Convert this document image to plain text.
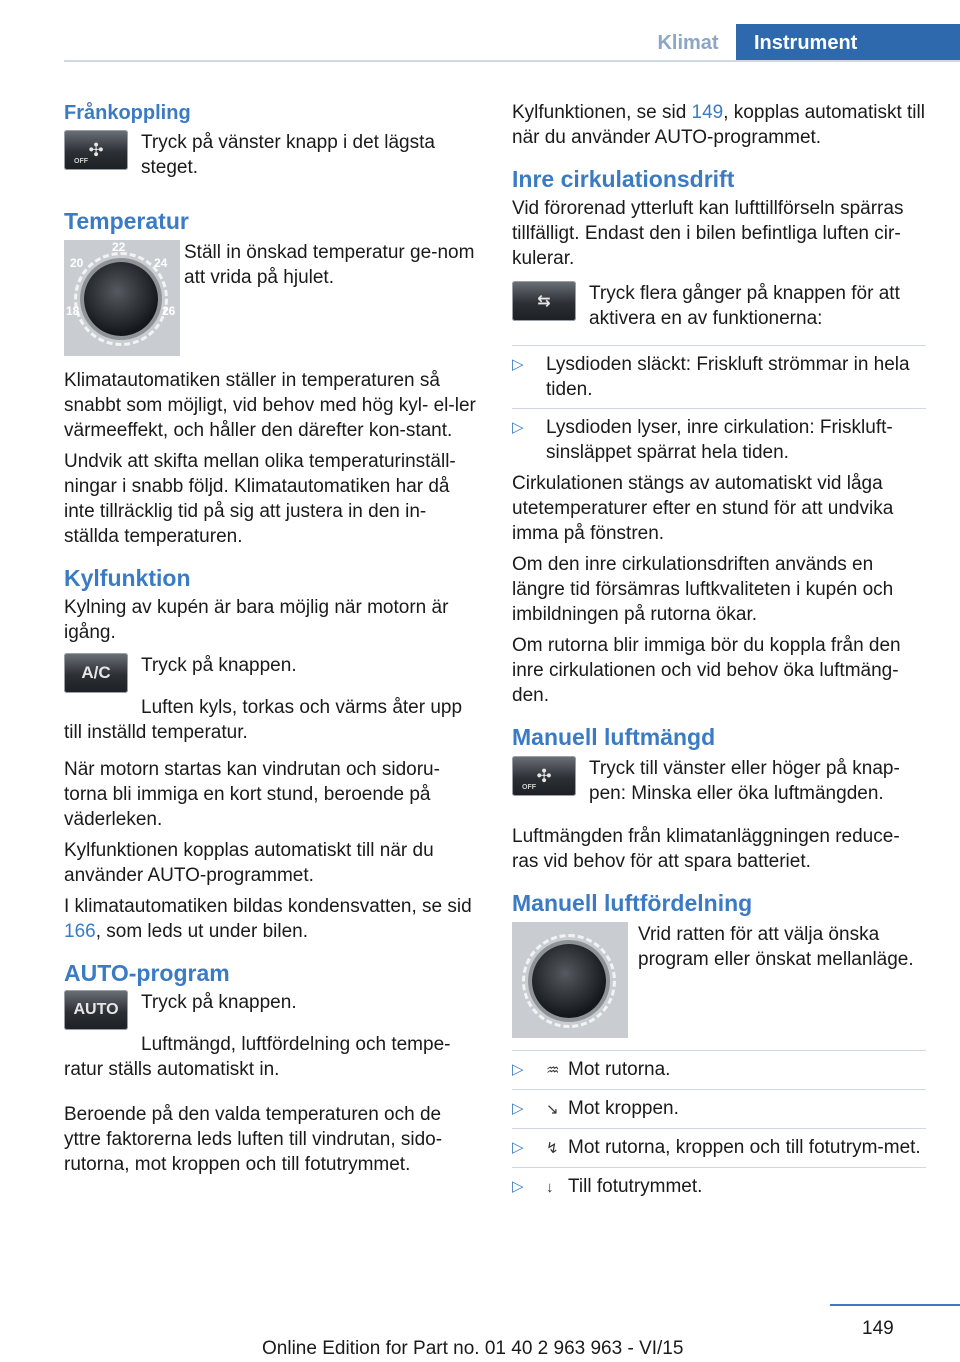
Klimat	Instrument
Frånkoppling
✣
OFF

Tryck på vänster knapp i det lägsta steget.

Temperatur
22
20	24
18	26

Ställ in önskad temperatur ge-nom att vrida på hjulet.

Klimatautomatiken ställer in temperaturen så snabbt som möjligt, vid behov med hög kyl- el-ler värmeeffekt, och håller den därefter kon-stant.

Undvik att skifta mellan olika temperaturinställ-ningar i snabb följd. Klimatautomatiken har då inte tillräcklig tid på sig att justera in den in-ställda temperaturen.

Kylfunktion

Kylning av kupén är bara möjlig när motorn är igång.

A/C	Tryck på knappen.

Luften kyls, torkas och värms åter upp till inställd temperatur.

När motorn startas kan vindrutan och sidoru-torna bli immiga en kort stund, beroende på väderleken.

Kylfunktionen kopplas automatiskt till när du använder AUTO-programmet.

I klimatautomatiken bildas kondensvatten, se sid 166, som leds ut under bilen.

AUTO-program
AUTO	Tryck på knappen.

Luftmängd, luftfördelning och tempe-ratur ställs automatiskt in.

Beroende på den valda temperaturen och de yttre faktorerna leds luften till vindrutan, sido-rutorna, mot kroppen och till fotutrymmet.

Kylfunktionen, se sid 149, kopplas automatiskt till när du använder AUTO-programmet.

Inre cirkulationsdrift

Vid förorenad ytterluft kan lufttillförseln spärras tillfälligt. Endast den i bilen befintliga luften cir-kulerar.

⇆ Tryck flera gånger på knappen för att aktivera en av funktionerna:

▷	Lysdioden släckt: Friskluft strömmar in hela tiden.

▷	Lysdioden lyser, inre cirkulation: Friskluft-sinsläppet spärrat hela tiden.

Cirkulationen stängs av automatiskt vid låga utetemperaturer efter en stund för att undvika imma på fönstren.

Om den inre cirkulationsdriften används en längre tid försämras luftkvaliteten i kupén och imbildningen på rutorna ökar.

Om rutorna blir immiga bör du koppla från den inre cirkulationen och vid behov öka luftmäng-den.

Manuell luftmängd
✣
OFF

Tryck till vänster eller höger på knap-pen: Minska eller öka luftmängden.

Luftmängden från klimatanläggningen reduce-ras vid behov för att spara batteriet.

Manuell luftfördelning

Vrid ratten för att välja önska program eller önskat mellanläge.

▷	♒ Mot rutorna.

▷	↘ Mot kroppen.

▷	↯ Mot rutorna, kroppen och till fotutrym-met.

▷	↓ Till fotutrymmet.

149
Online Edition for Part no. 01 40 2 963 963 - VI/15
